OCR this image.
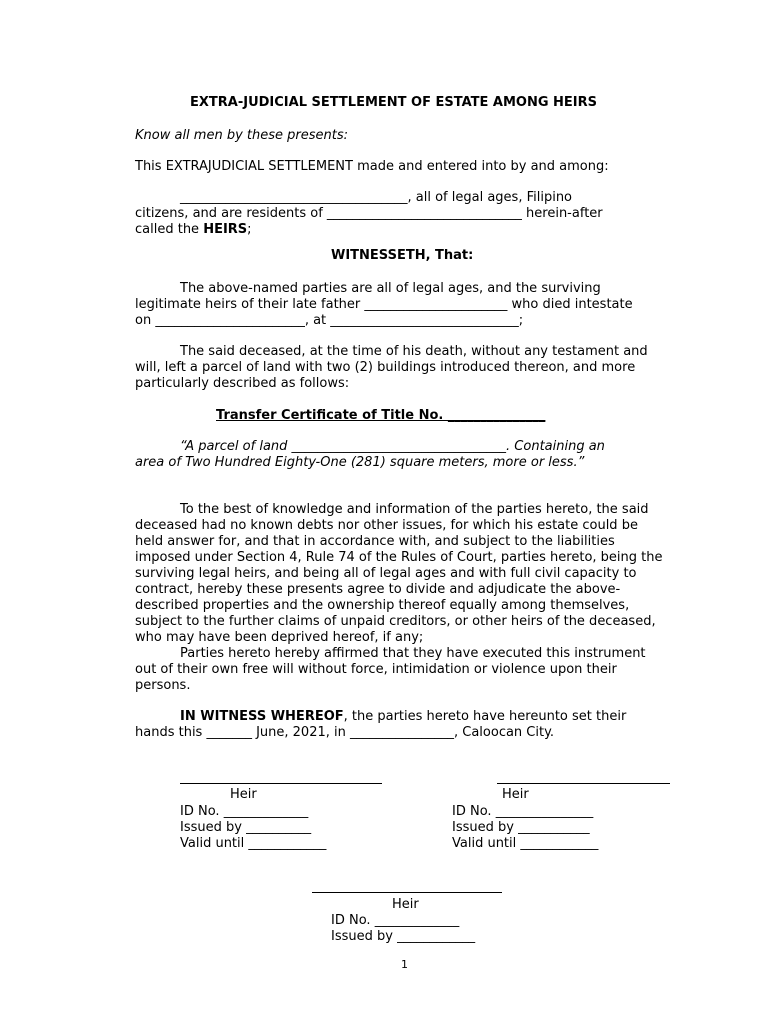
EXTRA-JUDICIAL SETTLEMENT OF ESTATE AMONG HEIRS
Know all men by these presents:
This EXTRAJUDICIAL SETTLEMENT made and entered into by and among:

___________________________________, all of legal ages, Filipino

citizens, and are residents of ______________________________ herein-after

called the HEIRS;

WITNESSETH, That:

The above-named parties are all of legal ages, and the surviving

legitimate heirs of their late father ______________________ who died intestate

on _______________________, at _____________________________;

The said deceased, at the time of his death, without any testament and

will, left a parcel of land with two (2) buildings introduced thereon, and more

particularly described as follows:

Transfer Certificate of Title No. _______________

“A parcel of land _________________________________. Containing an

area of Two Hundred Eighty-One (281) square meters, more or less.”

To the best of knowledge and information of the parties hereto, the said

deceased had no known debts nor other issues, for which his estate could be

held answer for, and that in accordance with, and subject to the liabilities

imposed under Section 4, Rule 74 of the Rules of Court, parties hereto, being the

surviving legal heirs, and being all of legal ages and with full civil capacity to

contract, hereby these presents agree to divide and adjudicate the above-

described properties and the ownership thereof equally among themselves,

subject to the further claims of unpaid creditors, or other heirs of the deceased,

who may have been deprived hereof, if any;

Parties hereto hereby affirmed that they have executed this instrument

out of their own free will without force, intimidation or violence upon their

persons.

IN WITNESS WHEREOF, the parties hereto have hereunto set their

hands this _______ June, 2021, in ________________, Caloocan City.

Heir
ID No. _____________
Issued by __________
Valid until ____________
Heir
ID No. _______________
Issued by ___________
Valid until ____________
Heir
ID No. _____________
Issued by ____________
1
